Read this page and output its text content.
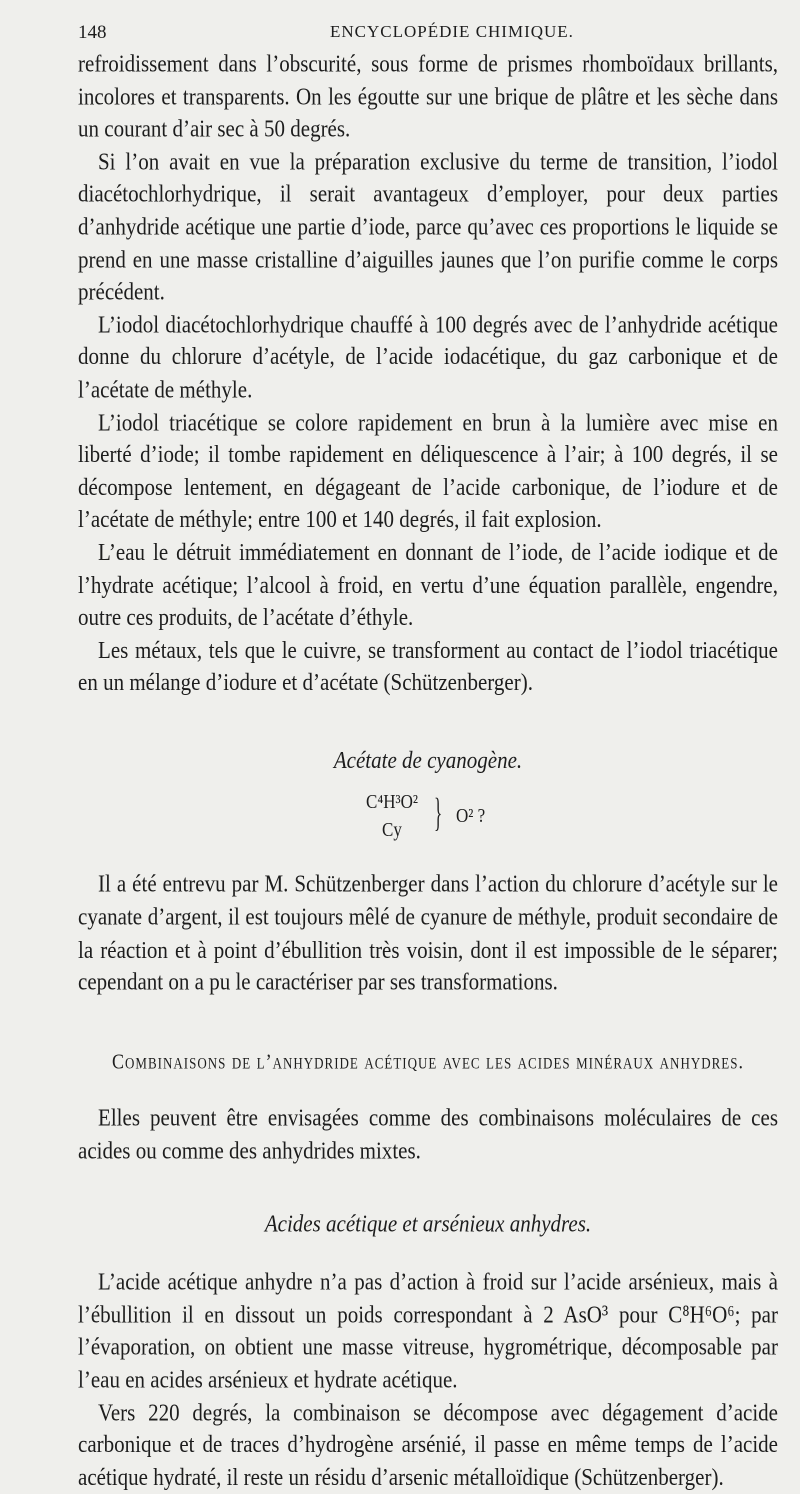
148	ENCYCLOPÉDIE CHIMIQUE.

refroidissement dans l’obscurité, sous forme de prismes rhomboïdaux brillants, incolores et transparents. On les égoutte sur une brique de plâtre et les sèche dans un courant d’air sec à 50 degrés.

Si l’on avait en vue la préparation exclusive du terme de transition, l’iodol diacétochlorhydrique, il serait avantageux d’employer, pour deux parties d’anhydride acétique une partie d’iode, parce qu’avec ces proportions le liquide se prend en une masse cristalline d’aiguilles jaunes que l’on purifie comme le corps précédent.

L’iodol diacétochlorhydrique chauffé à 100 degrés avec de l’anhydride acétique donne du chlorure d’acétyle, de l’acide iodacétique, du gaz carbonique et de l’acétate de méthyle.

L’iodol triacétique se colore rapidement en brun à la lumière avec mise en liberté d’iode; il tombe rapidement en déliquescence à l’air; à 100 degrés, il se décompose lentement, en dégageant de l’acide carbonique, de l’iodure et de l’acétate de méthyle; entre 100 et 140 degrés, il fait explosion.

L’eau le détruit immédiatement en donnant de l’iode, de l’acide iodique et de l’hydrate acétique; l’alcool à froid, en vertu d’une équation parallèle, engendre, outre ces produits, de l’acétate d’éthyle.

Les métaux, tels que le cuivre, se transforment au contact de l’iodol triacétique en un mélange d’iodure et d’acétate (Schützenberger).

Acétate de cyanogène.

C⁴H³O²
Cy } O² ?

Il a été entrevu par M. Schützenberger dans l’action du chlorure d’acétyle sur le cyanate d’argent, il est toujours mêlé de cyanure de méthyle, produit secondaire de la réaction et à point d’ébullition très voisin, dont il est impossible de le séparer; cependant on a pu le caractériser par ses transformations.

Combinaisons de l’anhydride acétique avec les acides minéraux anhydres.

Elles peuvent être envisagées comme des combinaisons moléculaires de ces acides ou comme des anhydrides mixtes.

Acides acétique et arsénieux anhydres.

L’acide acétique anhydre n’a pas d’action à froid sur l’acide arsénieux, mais à l’ébullition il en dissout un poids correspondant à 2 AsO³ pour C⁸H⁶O⁶; par l’évaporation, on obtient une masse vitreuse, hygrométrique, décomposable par l’eau en acides arsénieux et hydrate acétique.

Vers 220 degrés, la combinaison se décompose avec dégagement d’acide carbonique et de traces d’hydrogène arsénié, il passe en même temps de l’acide acétique hydraté, il reste un résidu d’arsenic métalloïdique (Schützenberger).
